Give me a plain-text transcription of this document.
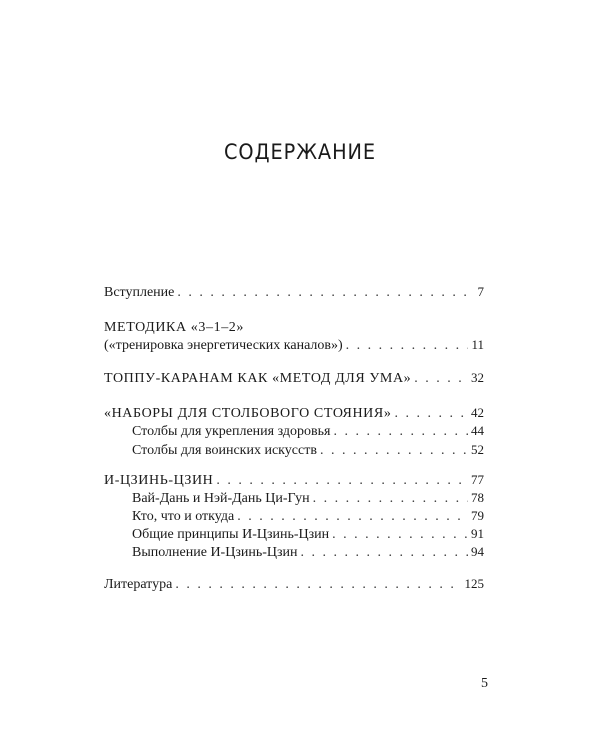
СОДЕРЖАНИЕ
Вступление . . .	7
МЕТОДИКА «3–1–2»
(«тренировка энергетических каналов») . . .	11
ТОППУ-КАРАНАМ КАК «МЕТОД ДЛЯ УМА» . . .	32
«НАБОРЫ ДЛЯ СТОЛБОВОГО СТОЯНИЯ» . . .	42
Столбы для укрепления здоровья . . .	44
Столбы для воинских искусств . . .	52
И-ЦЗИНЬ-ЦЗИН . . .	77
Вай-Дань и Нэй-Дань Ци-Гун . . .	78
Кто, что и откуда . . .	79
Общие принципы И-Цзинь-Цзин . . .	91
Выполнение И-Цзинь-Цзин . . .	94
Литература . . .	125
5
